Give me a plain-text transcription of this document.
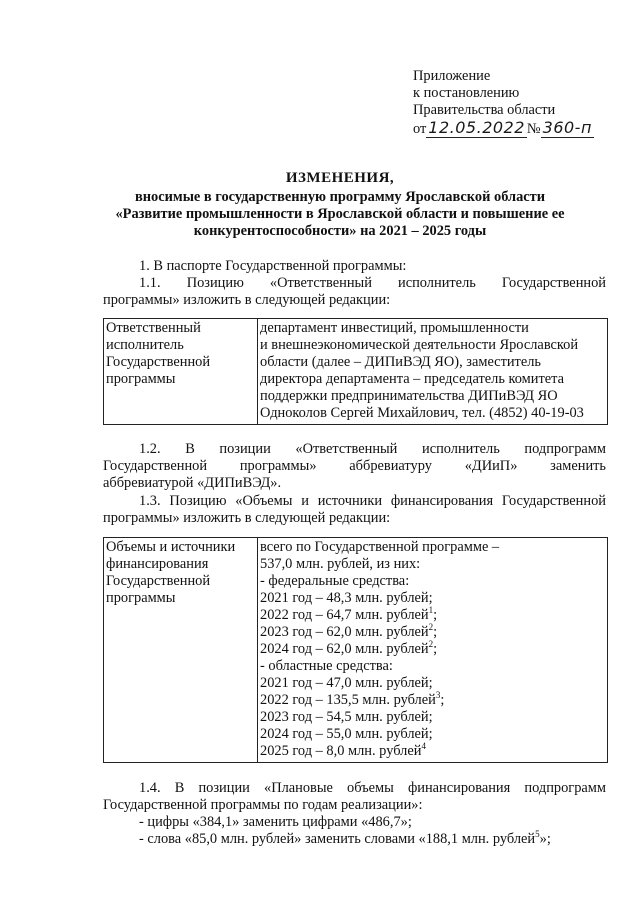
Приложение
к постановлению
Правительства области
от 12.05.2022 № 360-п
ИЗМЕНЕНИЯ,
вносимые в государственную программу Ярославской области
«Развитие промышленности в Ярославской области и повышение ее
конкурентоспособности» на 2021 – 2025 годы
1. В паспорте Государственной программы:
1.1. Позицию «Ответственный исполнитель Государственной
программы» изложить в следующей редакции:
Ответственный
исполнитель
Государственной
программы

департамент инвестиций, промышленности
и внешнеэкономической деятельности Ярославской
области (далее – ДИПиВЭД ЯО), заместитель
директора департамента – председатель комитета
поддержки предпринимательства ДИПиВЭД ЯО
Одноколов Сергей Михайлович, тел. (4852) 40-19-03
1.2. В позиции «Ответственный исполнитель подпрограмм
Государственной программы» аббревиатуру «ДИиП» заменить
аббревиатурой «ДИПиВЭД».
1.3. Позицию «Объемы и источники финансирования Государственной
программы» изложить в следующей редакции:
Объемы и источники
финансирования
Государственной
программы

всего по Государственной программе –
537,0 млн. рублей, из них:
- федеральные средства:
2021 год – 48,3 млн. рублей;
2022 год – 64,7 млн. рублей$^1$;
2023 год – 62,0 млн. рублей$^2$;
2024 год – 62,0 млн. рублей$^2$;
- областные средства:
2021 год – 47,0 млн. рублей;
2022 год – 135,5 млн. рублей$^3$;
2023 год – 54,5 млн. рублей;
2024 год – 55,0 млн. рублей;
2025 год – 8,0 млн. рублей$^4$
1.4. В позиции «Плановые объемы финансирования подпрограмм
Государственной программы по годам реализации»:
- цифры «384,1» заменить цифрами «486,7»;
- слова «85,0 млн. рублей» заменить словами «188,1 млн. рублей$^5$»;
